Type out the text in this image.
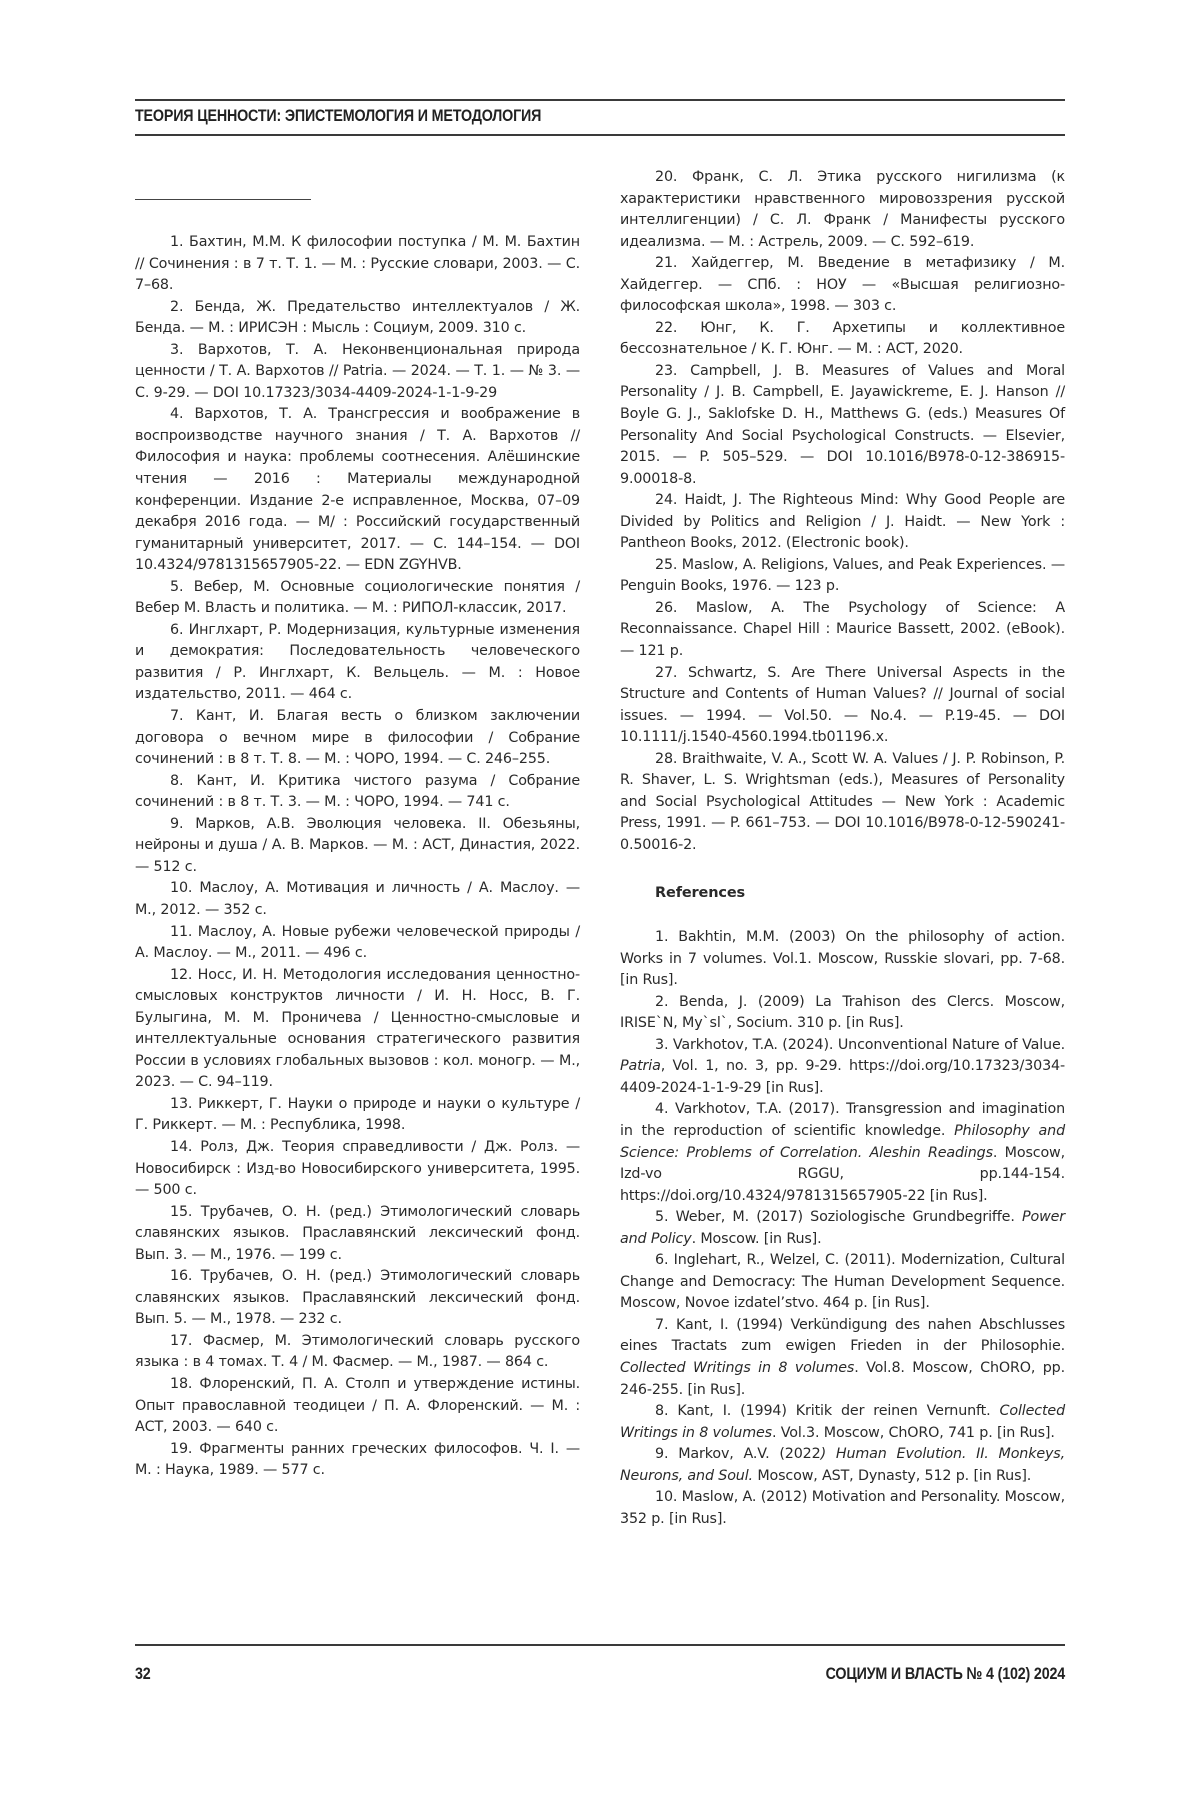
ТЕОРИЯ ЦЕННОСТИ: ЭПИСТЕМОЛОГИЯ И МЕТОДОЛОГИЯ

1. Бахтин, М.М. К философии поступка / М. М. Бахтин // Сочинения : в 7 т. Т. 1. — М. : Русские словари, 2003. — С. 7–68.

2. Бенда, Ж. Предательство интеллектуалов / Ж. Бенда. — М. : ИРИСЭН : Мысль : Социум, 2009. 310 с.

3. Вархотов, Т. А. Неконвенциональная природа ценности / Т. А. Вархотов // Patria. — 2024. — Т. 1. — № 3. — С. 9-29. — DOI 10.17323/3034-4409-2024-1-1-9-29

4. Вархотов, Т. А. Трансгрессия и воображение в воспроизводстве научного знания / Т. А. Вархотов // Философия и наука: проблемы соотнесения. Алёшинские чтения — 2016 : Материалы международной конференции. Издание 2-е исправленное, Москва, 07–09 декабря 2016 года. — М/ : Российский государственный гуманитарный университет, 2017. — С. 144–154. — DOI 10.4324/9781315657905-22. — EDN ZGYHVB.

5. Вебер, М. Основные социологические понятия / Вебер М. Власть и политика. — М. : РИПОЛ-классик, 2017.

6. Инглхарт, Р. Модернизация, культурные изменения и демократия: Последовательность человеческого развития / Р. Инглхарт, К. Вельцель. — М. : Новое издательство, 2011. — 464 с.

7. Кант, И. Благая весть о близком заключении договора о вечном мире в философии / Собрание сочинений : в 8 т. Т. 8. — М. : ЧОРО, 1994. — С. 246–255.

8. Кант, И. Критика чистого разума / Собрание сочинений : в 8 т. Т. 3. — М. : ЧОРО, 1994. — 741 с.

9. Марков, А.В. Эволюция человека. II. Обезьяны, нейроны и душа / А. В. Марков. — М. : АСТ, Династия, 2022. — 512 с.

10. Маслоу, А. Мотивация и личность / А. Маслоу. — М., 2012. — 352 с.

11. Маслоу, А. Новые рубежи человеческой природы / А. Маслоу. — М., 2011. — 496 с.

12. Носс, И. Н. Методология исследования ценностно-смысловых конструктов личности / И. Н. Носс, В. Г. Булыгина, М. М. Проничева / Ценностно-смысловые и интеллектуальные основания стратегического развития России в условиях глобальных вызовов : кол. моногр. — М., 2023. — С. 94–119.

13. Риккерт, Г. Науки о природе и науки о культуре / Г. Риккерт. — М. : Республика, 1998.

14. Ролз, Дж. Теория справедливости / Дж. Ролз. — Новосибирск : Изд-во Новосибирского университета, 1995. — 500 с.

15. Трубачев, О. Н. (ред.) Этимологический словарь славянских языков. Праславянский лексический фонд. Вып. 3. — М., 1976. — 199 с.

16. Трубачев, О. Н. (ред.) Этимологический словарь славянских языков. Праславянский лексический фонд. Вып. 5. — М., 1978. — 232 с.

17. Фасмер, М. Этимологический словарь русского языка : в 4 томах. Т. 4 / М. Фасмер. — М., 1987. — 864 с.

18. Флоренский, П. А. Столп и утверждение истины. Опыт православной теодицеи / П. А. Флоренский. — М. : АСТ, 2003. — 640 с.

19. Фрагменты ранних греческих философов. Ч. I. — М. : Наука, 1989. — 577 с.

20. Франк, С. Л. Этика русского нигилизма (к характеристики нравственного мировоззрения русской интеллигенции) / С. Л. Франк / Манифесты русского идеализма. — М. : Астрель, 2009. — С. 592–619.

21. Хайдеггер, М. Введение в метафизику / М. Хайдеггер. — СПб. : НОУ — «Высшая религиозно-философская школа», 1998. — 303 с.

22. Юнг, К. Г. Архетипы и коллективное бессознательное / К. Г. Юнг. — М. : АСТ, 2020.

23. Campbell, J. B. Measures of Values and Moral Personality / J. B. Campbell, E. Jayawickreme, E. J. Hanson // Boyle G. J., Saklofske D. H., Matthews G. (eds.) Measures Of Personality And Social Psychological Constructs. — Elsevier, 2015. — P. 505–529. — DOI 10.1016/B978-0-12-386915-9.00018-8.

24. Haidt, J. The Righteous Mind: Why Good People are Divided by Politics and Religion / J. Haidt. — New York : Pantheon Books, 2012. (Electronic book).

25. Maslow, A. Religions, Values, and Peak Experiences. — Penguin Books, 1976. — 123 p.

26. Maslow, A. The Psychology of Science: A Reconnaissance. Chapel Hill : Maurice Bassett, 2002. (eBook). — 121 p.

27. Schwartz, S. Are There Universal Aspects in the Structure and Contents of Human Values? // Journal of social issues. — 1994. — Vol.50. — No.4. — P.19-45. — DOI 10.1111/j.1540-4560.1994.tb01196.x.

28. Braithwaite, V. A., Scott W. A. Values / J. P. Robinson, P. R. Shaver, L. S. Wrightsman (eds.), Measures of Personality and Social Psychological Attitudes — New York : Academic Press, 1991. — P. 661–753. — DOI 10.1016/B978-0-12-590241-0.50016-2.

References

1. Bakhtin, M.M. (2003) On the philosophy of action. Works in 7 volumes. Vol.1. Moscow, Russkie slovari, pp. 7-68. [in Rus].

2. Benda, J. (2009) La Trahison des Clercs. Moscow, IRISE`N, My`sl`, Socium. 310 p. [in Rus].

3. Varkhotov, T.A. (2024). Unconventional Nature of Value. Patria, Vol. 1, no. 3, pp. 9-29. https://doi.org/10.17323/3034-4409-2024-1-1-9-29 [in Rus].

4. Varkhotov, T.A. (2017). Transgression and imagination in the reproduction of scientific knowledge. Philosophy and Science: Problems of Correlation. Aleshin Readings. Moscow, Izd-vo RGGU, pp.144-154. https://doi.org/10.4324/9781315657905-22 [in Rus].

5. Weber, M. (2017) Soziologische Grundbegriffe. Power and Policy. Moscow. [in Rus].

6. Inglehart, R., Welzel, C. (2011). Modernization, Cultural Change and Democracy: The Human Development Sequence. Moscow, Novoe izdatel’stvo. 464 p. [in Rus].

7. Kant, I. (1994) Verkündigung des nahen Abschlusses eines Tractats zum ewigen Frieden in der Philosophie. Collected Writings in 8 volumes. Vol.8. Moscow, ChORO, pp. 246-255. [in Rus].

8. Kant, I. (1994) Kritik der reinen Vernunft. Collected Writings in 8 volumes. Vol.3. Moscow, ChORO, 741 p. [in Rus].

9. Markov, A.V. (2022) Human Evolution. II. Monkeys, Neurons, and Soul. Moscow, AST, Dynasty, 512 p. [in Rus].

10. Maslow, A. (2012) Motivation and Personality. Moscow, 352 p. [in Rus].

32	СОЦИУМ И ВЛАСТЬ № 4 (102) 2024
